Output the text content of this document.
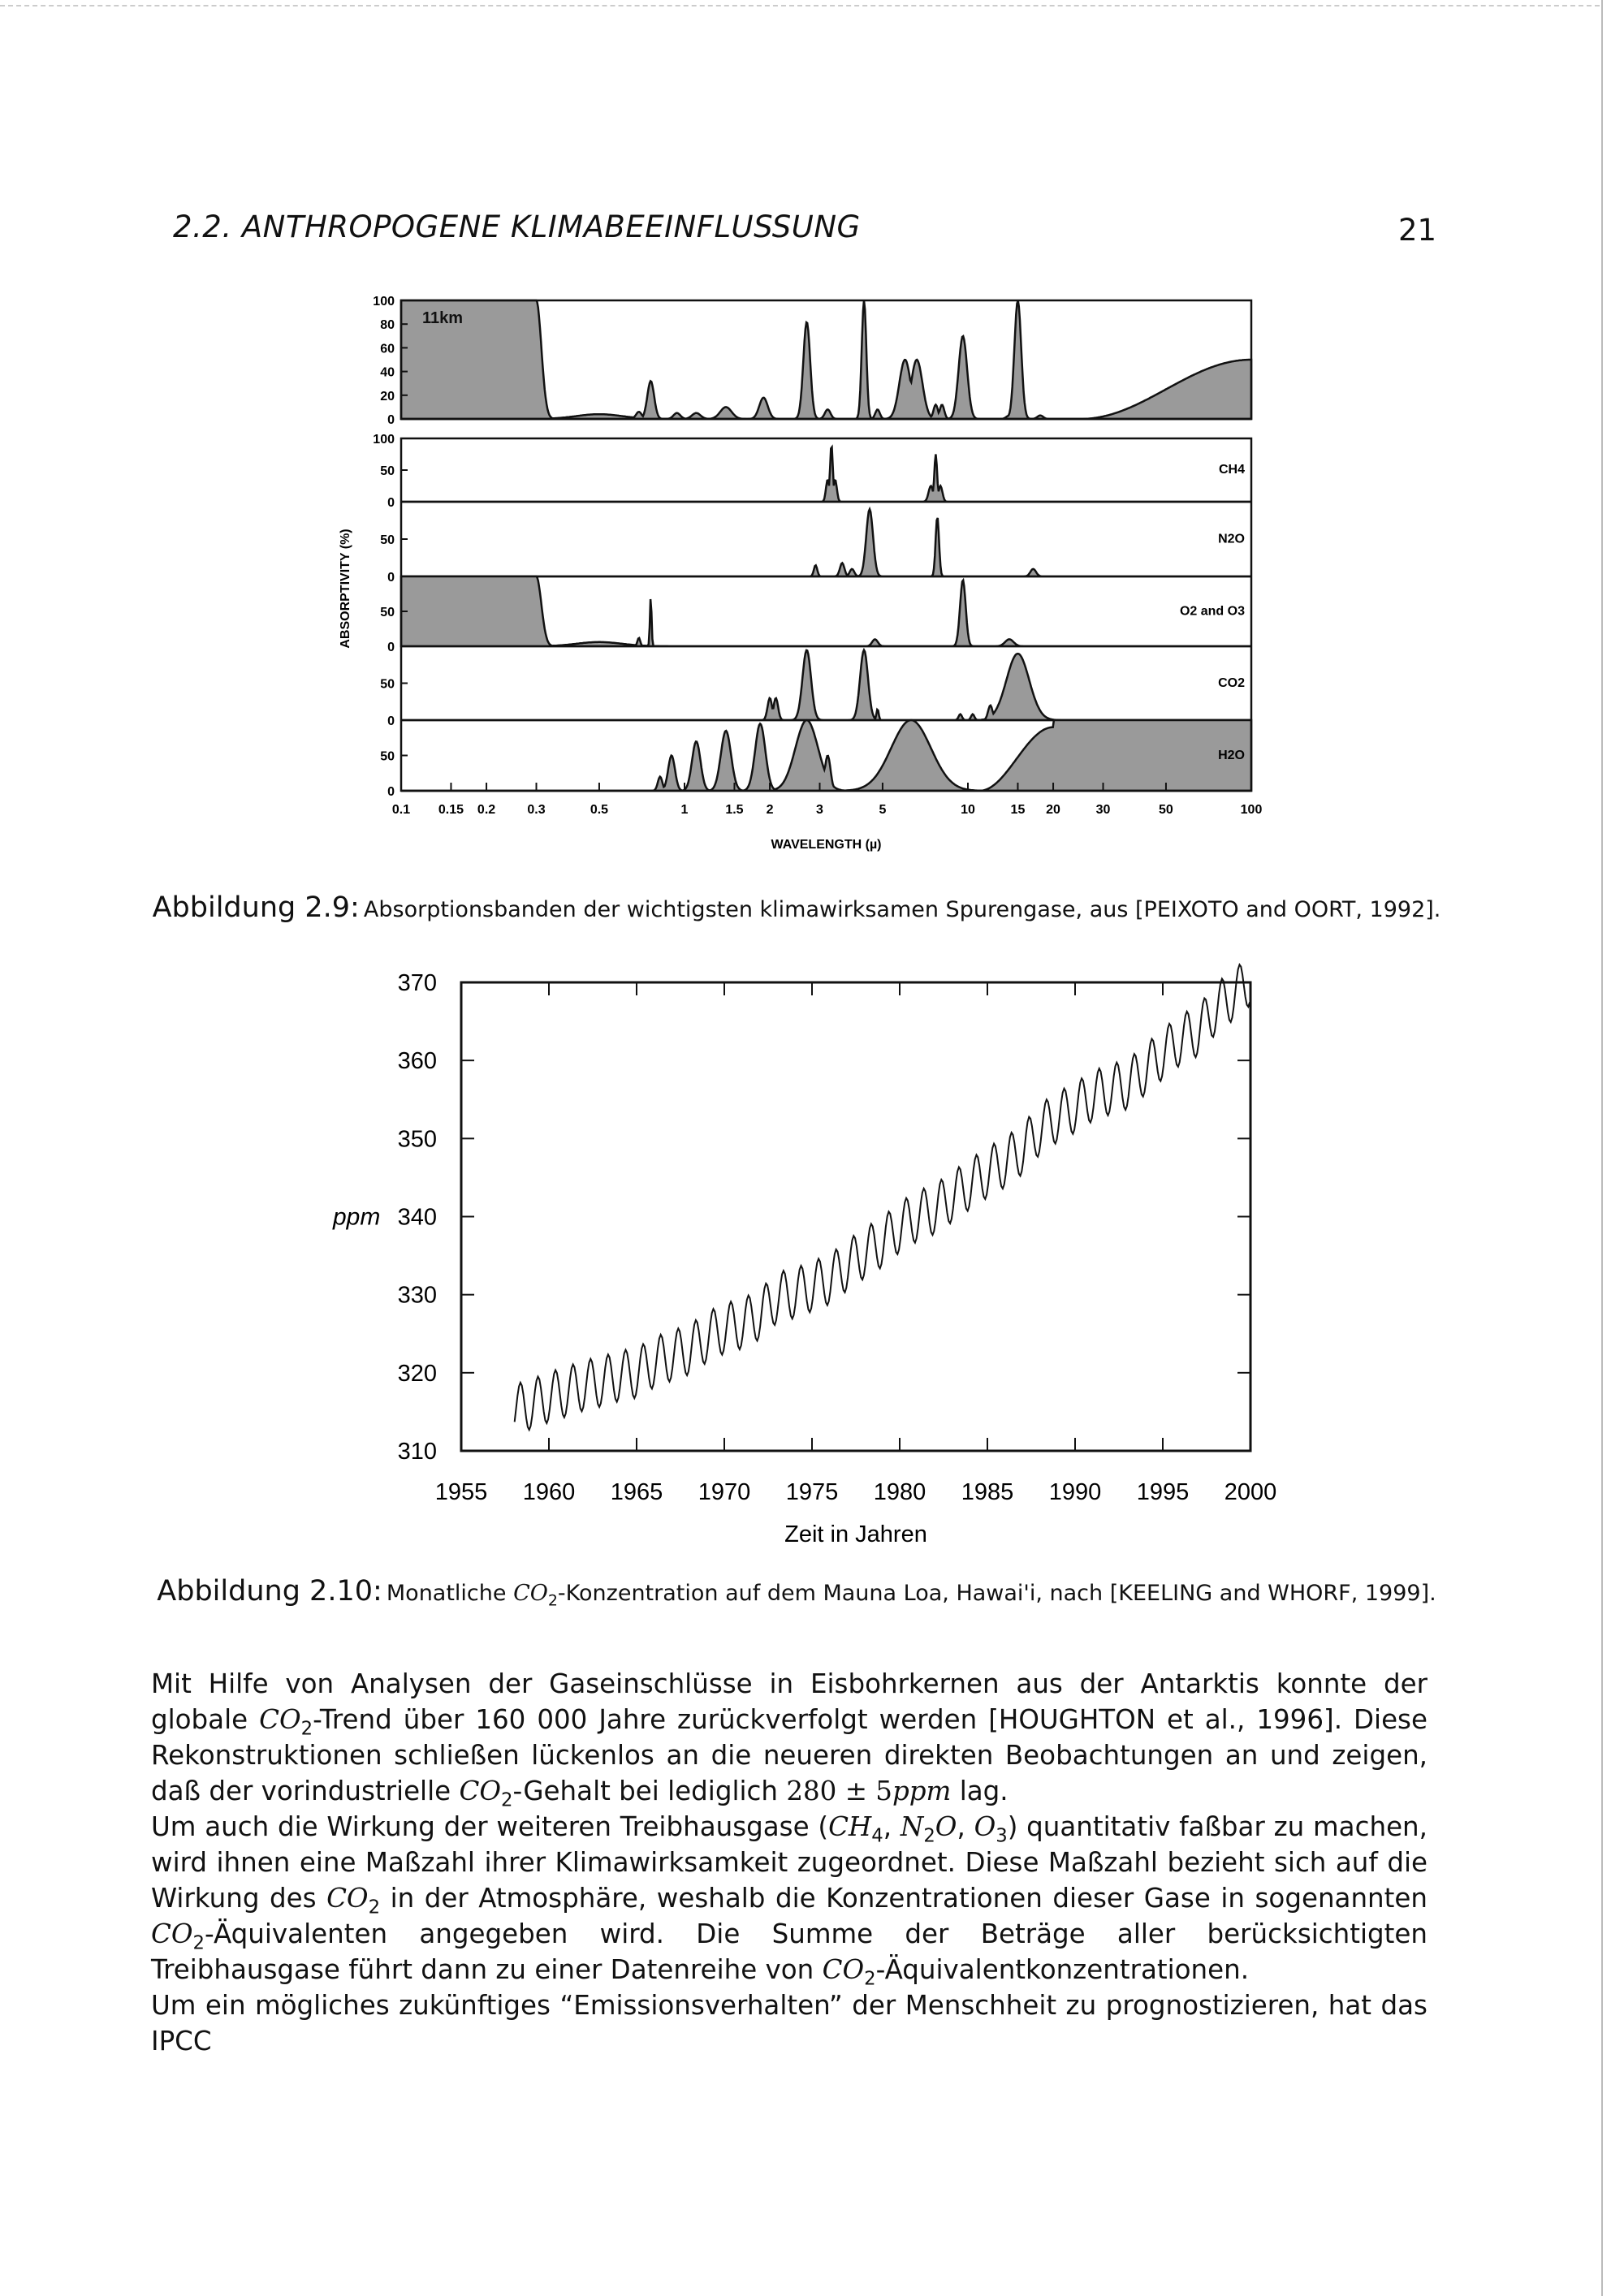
2.2. ANTHROPOGENE KLIMABEEINFLUSSUNG	21
100
80
60
40
20
0
100
50
0
CH4
50
0
N2O
50
0
O2 and O3
50
0
CO2
50
0
H2O
11km
0.1 0.15 0.2 0.3	0.5	1	1.5 2	3	5	10	15 20	30	50	100
WAVELENGTH (µ)
ABSORPTIVITY (%)
Abbildung 2.9: Absorptionsbanden der wichtigsten klimawirksamen Spurengase, aus [PEIXOTO and OORT, 1992].
1955 1960 1965 1970 1975 1980 1985 1990 1995 2000
370
360
350
340
330
320
310
ppm
Zeit in Jahren
Abbildung 2.10: Monatliche $CO_2$-Konzentration auf dem Mauna Loa, Hawai'i, nach [KEELING and WHORF, 1999].

Mit Hilfe von Analysen der Gaseinschlüsse in Eisbohrkernen aus der Antarktis konnte der globale $CO_2$-Trend über 160 000 Jahre zurückverfolgt werden [HOUGHTON et al., 1996]. Diese Rekonstruktionen schließen lückenlos an die neueren direkten Beobachtungen an und zeigen, daß der vorindustrielle $CO_2$-Gehalt bei lediglich 280 ± 5ppm lag.

Um auch die Wirkung der weiteren Treibhausgase ($CH_4$, $N_2O$, $O_3$) quantitativ faßbar zu machen, wird ihnen eine Maßzahl ihrer Klimawirksamkeit zugeordnet. Diese Maßzahl bezieht sich auf die Wirkung des $CO_2$ in der Atmosphäre, weshalb die Konzentrationen dieser Gase in sogenannten $CO_2$-Äquivalenten angegeben wird. Die Summe der Beträge aller berücksichtigten Treibhausgase führt dann zu einer Datenreihe von $CO_2$-Äquivalentkonzentrationen.

Um ein mögliches zukünftiges “Emissionsverhalten” der Menschheit zu prognostizieren, hat das IPCC
